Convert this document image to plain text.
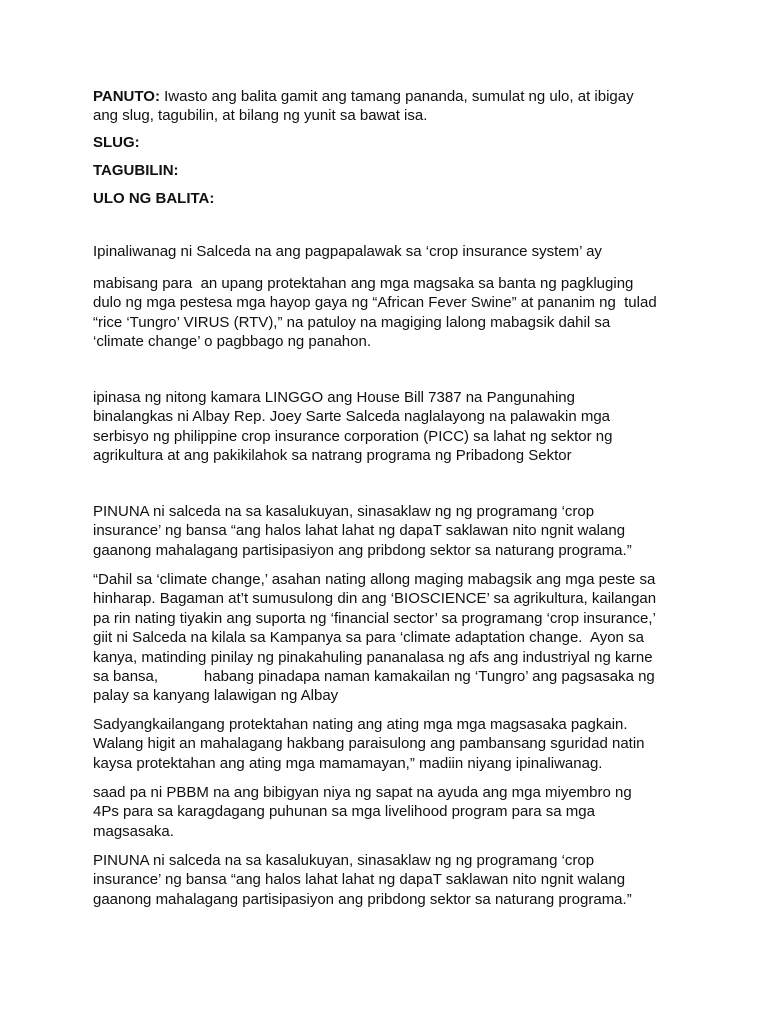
PANUTO: Iwasto ang balita gamit ang tamang pananda, sumulat ng ulo, at ibigay
ang slug, tagubilin, at bilang ng yunit sa bawat isa.
SLUG:
TAGUBILIN:
ULO NG BALITA:
Ipinaliwanag ni Salceda na ang pagpapalawak sa ‘crop insurance system’ ay
mabisang para  an upang protektahan ang mga magsaka sa banta ng pagkluging
dulo ng mga pestesa mga hayop gaya ng “African Fever Swine” at pananim ng  tulad
“rice ‘Tungro’ VIRUS (RTV),” na patuloy na magiging lalong mabagsik dahil sa
‘climate change’ o pagbbago ng panahon.
ipinasa ng nitong kamara LINGGO ang House Bill 7387 na Pangunahing
binalangkas ni Albay Rep. Joey Sarte Salceda naglalayong na palawakin mga
serbisyo ng philippine crop insurance corporation (PICC) sa lahat ng sektor ng
agrikultura at ang pakikilahok sa natrang programa ng Pribadong Sektor
PINUNA ni salceda na sa kasalukuyan, sinasaklaw ng ng programang ‘crop
insurance’ ng bansa “ang halos lahat lahat ng dapaT saklawan nito ngnit walang
gaanong mahalagang partisipasiyon ang pribdong sektor sa naturang programa.”
“Dahil sa ‘climate change,’ asahan nating allong maging mabagsik ang mga peste sa
hinharap. Bagaman at’t sumusulong din ang ‘BIOSCIENCE’ sa agrikultura, kailangan
pa rin nating tiyakin ang suporta ng ‘financial sector’ sa programang ‘crop insurance,’
giit ni Salceda na kilala sa Kampanya sa para ‘climate adaptation change.  Ayon sa
kanya, matinding pinilay ng pinakahuling pananalasa ng afs ang industriyal ng karne
sa bansa,           habang pinadapa naman kamakailan ng ‘Tungro’ ang pagsasaka ng
palay sa kanyang lalawigan ng Albay
Sadyangkailangang protektahan nating ang ating mga mga magsasaka pagkain.
Walang higit an mahalagang hakbang paraisulong ang pambansang sguridad natin
kaysa protektahan ang ating mga mamamayan,” madiin niyang ipinaliwanag.
saad pa ni PBBM na ang bibigyan niya ng sapat na ayuda ang mga miyembro ng
4Ps para sa karagdagang puhunan sa mga livelihood program para sa mga
magsasaka.
PINUNA ni salceda na sa kasalukuyan, sinasaklaw ng ng programang ‘crop
insurance’ ng bansa “ang halos lahat lahat ng dapaT saklawan nito ngnit walang
gaanong mahalagang partisipasiyon ang pribdong sektor sa naturang programa.”
